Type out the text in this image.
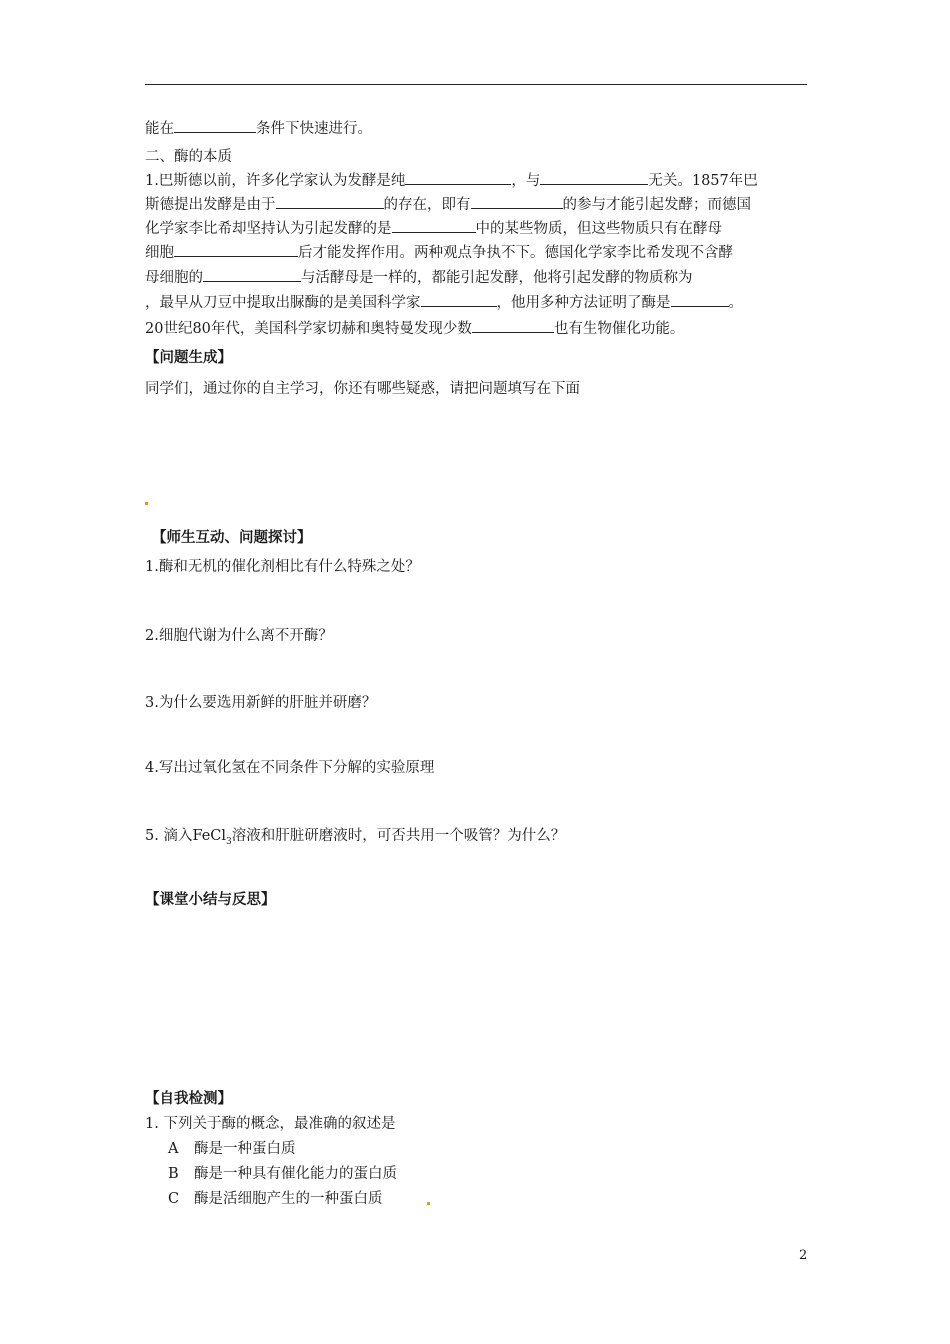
能在	条件下快速进行。
二、酶的本质
1.巴斯德以前，许多化学家认为发酵是纯	，与	无关。1857年巴
斯德提出发酵是由于	的存在，即有	的参与才能引起发酵；而德国
化学家李比希却坚持认为引起发酵的是	中的某些物质，但这些物质只有在酵母
细胞	后才能发挥作用。两种观点争执不下。德国化学家李比希发现不含酵
母细胞的	与活酵母是一样的，都能引起发酵，他将引起发酵的物质称为
，最早从刀豆中提取出脲酶的是美国科学家	，他用多种方法证明了酶是	。
20世纪80年代，美国科学家切赫和奥特曼发现少数	也有生物催化功能。
【问题生成】
同学们，通过你的自主学习，你还有哪些疑惑，请把问题填写在下面
【师生互动、问题探讨】
1.酶和无机的催化剂相比有什么特殊之处？
2.细胞代谢为什么离不开酶？
3.为什么要选用新鲜的肝脏并研磨？
4.写出过氧化氢在不同条件下分解的实验原理
5. 滴入FeCl$_3$溶液和肝脏研磨液时，可否共用一个吸管？为什么？
【课堂小结与反思】
【自我检测】
1. 下列关于酶的概念，最准确的叙述是
A 酶是一种蛋白质
B 酶是一种具有催化能力的蛋白质
C 酶是活细胞产生的一种蛋白质
2
